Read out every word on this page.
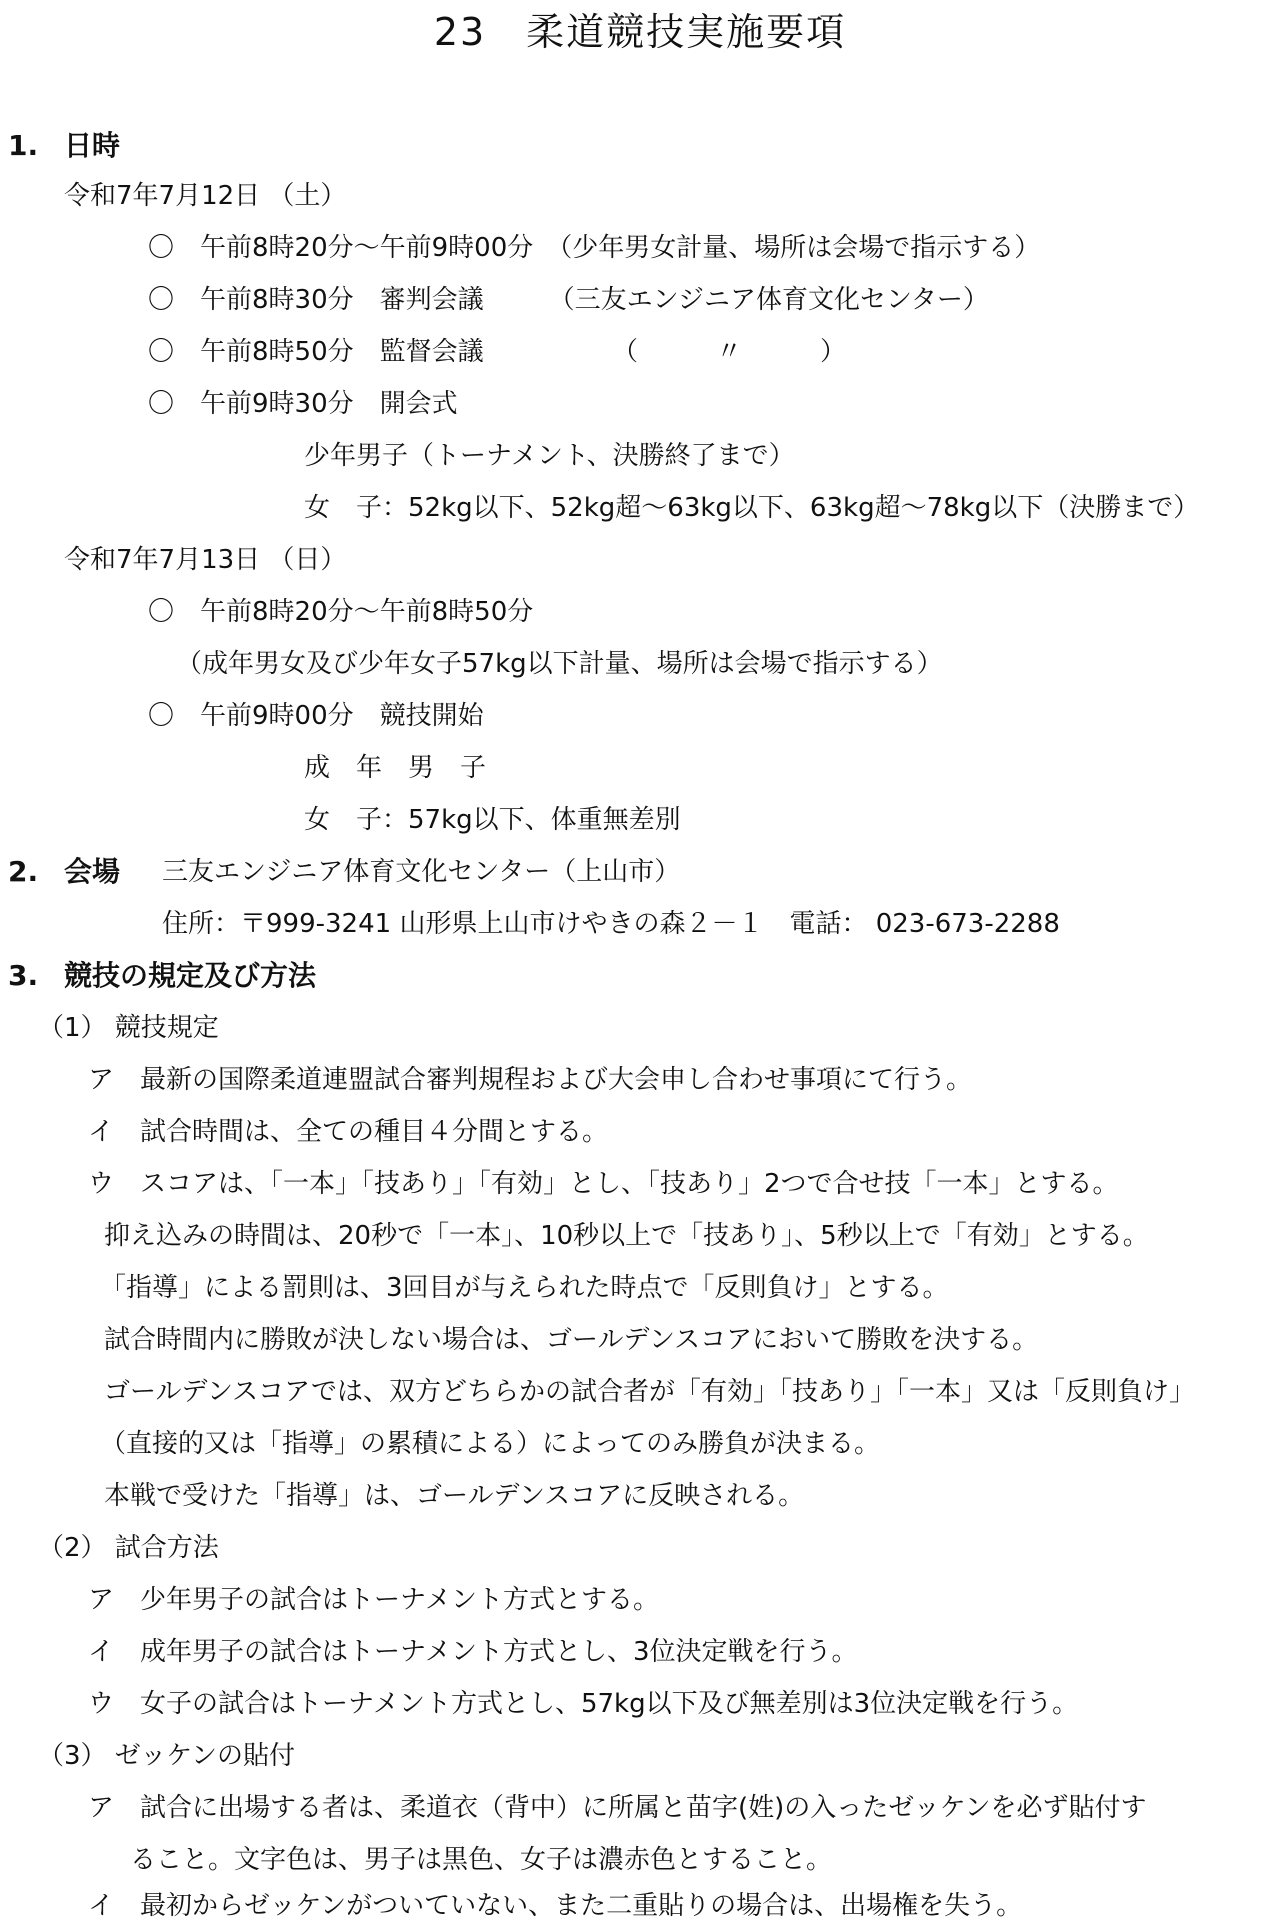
23　柔道競技実施要項
1. 日時
令和7年7月12日 （土）
〇　午前8時20分～午前9時00分　（少年男女計量、場所は会場で指示する）
〇　午前8時30分　審判会議　　　（三友エンジニア体育文化センター）
〇　午前8時50分　監督会議	（　　　〃　　　）
〇　午前9時30分　開会式
少年男子（トーナメント、決勝終了まで）
女　子：52kg以下、52kg超～63kg以下、63kg超～78kg以下（決勝まで）
令和7年7月13日 （日）
〇　午前8時20分～午前8時50分
（成年男女及び少年女子57kg以下計量、場所は会場で指示する）
〇　午前9時00分　競技開始
成　年　男　子
女　子：57kg以下、体重無差別
2. 会場 三友エンジニア体育文化センター（上山市）
住所：〒999-3241 山形県上山市けやきの森２－１　電話： 023-673-2288
3. 競技の規定及び方法
（1） 競技規定
ア　最新の国際柔道連盟試合審判規程および大会申し合わせ事項にて行う。
イ　試合時間は、全ての種目４分間とする。
ウ　スコアは、「一本」「技あり」「有効」とし、「技あり」2つで合せ技「一本」とする。
抑え込みの時間は、20秒で「一本」、10秒以上で「技あり」、5秒以上で「有効」とする。
「指導」による罰則は、3回目が与えられた時点で「反則負け」とする。
試合時間内に勝敗が決しない場合は、ゴールデンスコアにおいて勝敗を決する。
ゴールデンスコアでは、双方どちらかの試合者が「有効」「技あり」「一本」又は「反則負け」
（直接的又は「指導」の累積による）によってのみ勝負が決まる。
本戦で受けた「指導」は、ゴールデンスコアに反映される。
（2） 試合方法
ア　少年男子の試合はトーナメント方式とする。
イ　成年男子の試合はトーナメント方式とし、3位決定戦を行う。
ウ　女子の試合はトーナメント方式とし、57kg以下及び無差別は3位決定戦を行う。
（3） ゼッケンの貼付
ア　試合に出場する者は、柔道衣（背中）に所属と苗字(姓)の入ったゼッケンを必ず貼付す
ること。文字色は、男子は黒色、女子は濃赤色とすること。
イ　最初からゼッケンがついていない、また二重貼りの場合は、出場権を失う。
